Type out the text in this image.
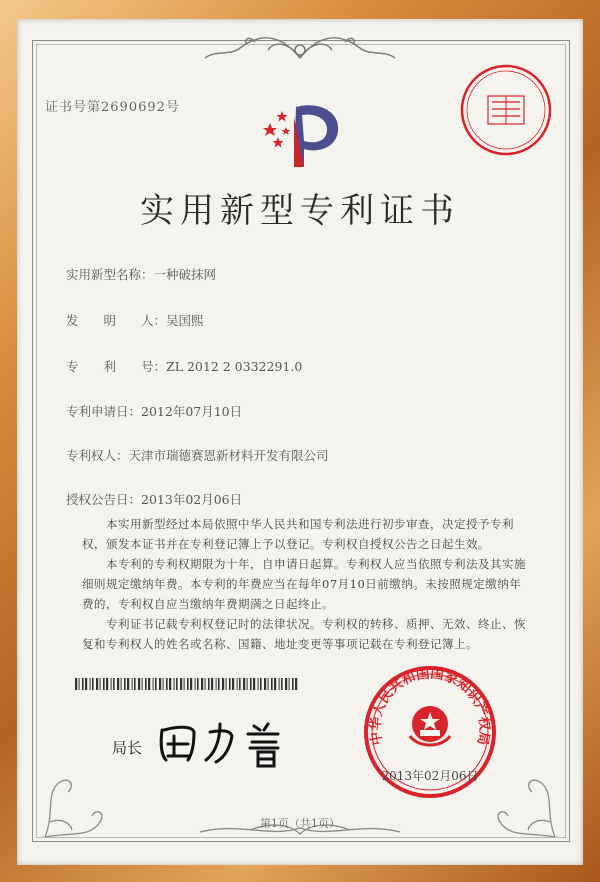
证书号第2690692号
实用新型专利证书
实用新型名称：一种破抹网
发　　明　　人：吴国熙
专　　利　　号：ZL 2012 2 0332291.0
专利申请日：2012年07月10日
专利权人：天津市瑞德赛恩新材料开发有限公司
授权公告日：2013年02月06日
本实用新型经过本局依照中华人民共和国专利法进行初步审查，决定授予专利权，颁发本证书并在专利登记簿上予以登记。专利权自授权公告之日起生效。
本专利的专利权期限为十年，自申请日起算。专利权人应当依照专利法及其实施细则规定缴纳年费。本专利的年费应当在每年07月10日前缴纳。未按照规定缴纳年费的，专利权自应当缴纳年费期满之日起终止。
专利证书记载专利权登记时的法律状况。专利权的转移、质押、无效、终止、恢复和专利权人的姓名或名称、国籍、地址变更等事项记载在专利登记簿上。
局长
中华人民共和国国家知识产权局
2013年02月06日
第1页（共1页）
